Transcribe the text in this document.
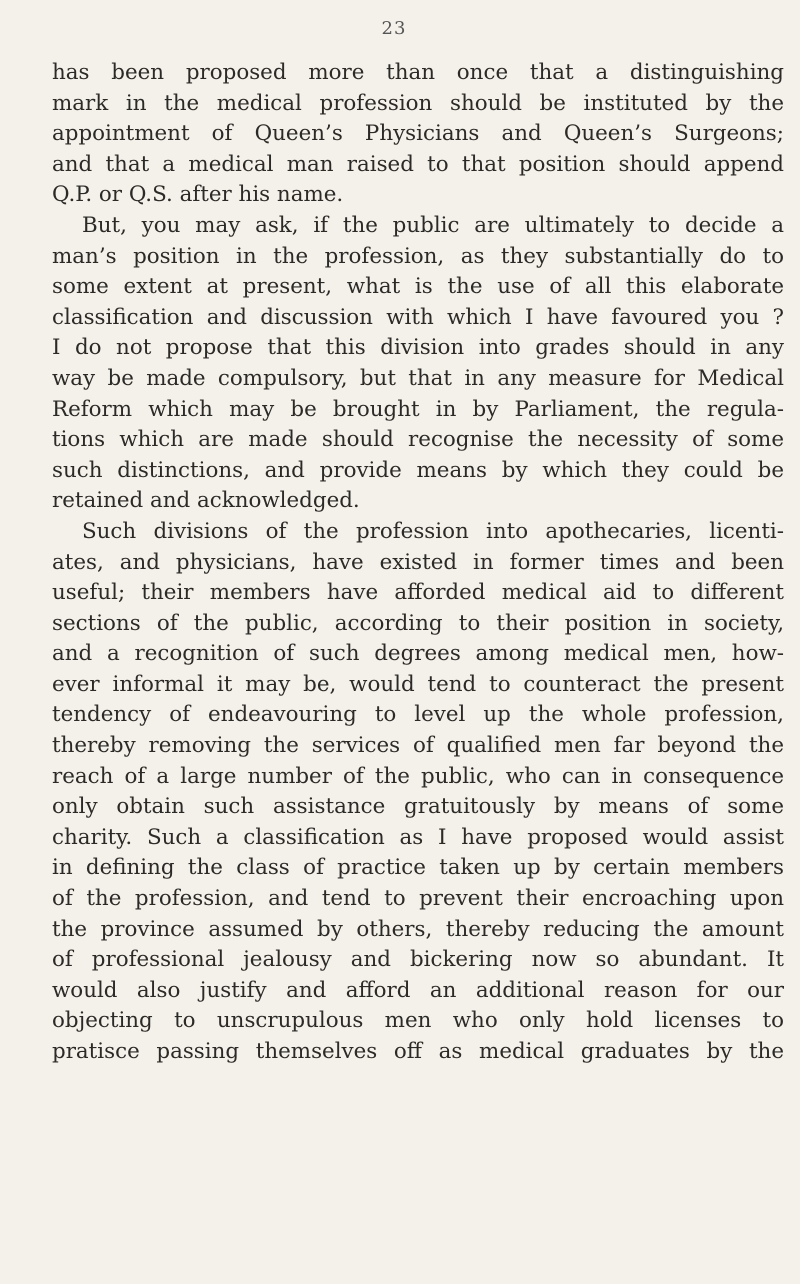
23
has been proposed more than once that a distinguishing
mark in the medical profession should be instituted by the
appointment of Queen’s Physicians and Queen’s Surgeons;
and that a medical man raised to that position should append
Q.P. or Q.S. after his name.
But, you may ask, if the public are ultimately to decide a
man’s position in the profession, as they substantially do to
some extent at present, what is the use of all this elaborate
classification and discussion with which I have favoured you ?
I do not propose that this division into grades should in any
way be made compulsory, but that in any measure for Medical
Reform which may be brought in by Parliament, the regula-
tions which are made should recognise the necessity of some
such distinctions, and provide means by which they could be
retained and acknowledged.
Such divisions of the profession into apothecaries, licenti-
ates, and physicians, have existed in former times and been
useful; their members have afforded medical aid to different
sections of the public, according to their position in society,
and a recognition of such degrees among medical men, how-
ever informal it may be, would tend to counteract the present
tendency of endeavouring to level up the whole profession,
thereby removing the services of qualified men far beyond the
reach of a large number of the public, who can in consequence
only obtain such assistance gratuitously by means of some
charity. Such a classification as I have proposed would assist
in defining the class of practice taken up by certain members
of the profession, and tend to prevent their encroaching upon
the province assumed by others, thereby reducing the amount
of professional jealousy and bickering now so abundant. It
would also justify and afford an additional reason for our
objecting to unscrupulous men who only hold licenses to
pratisce passing themselves off as medical graduates by the
